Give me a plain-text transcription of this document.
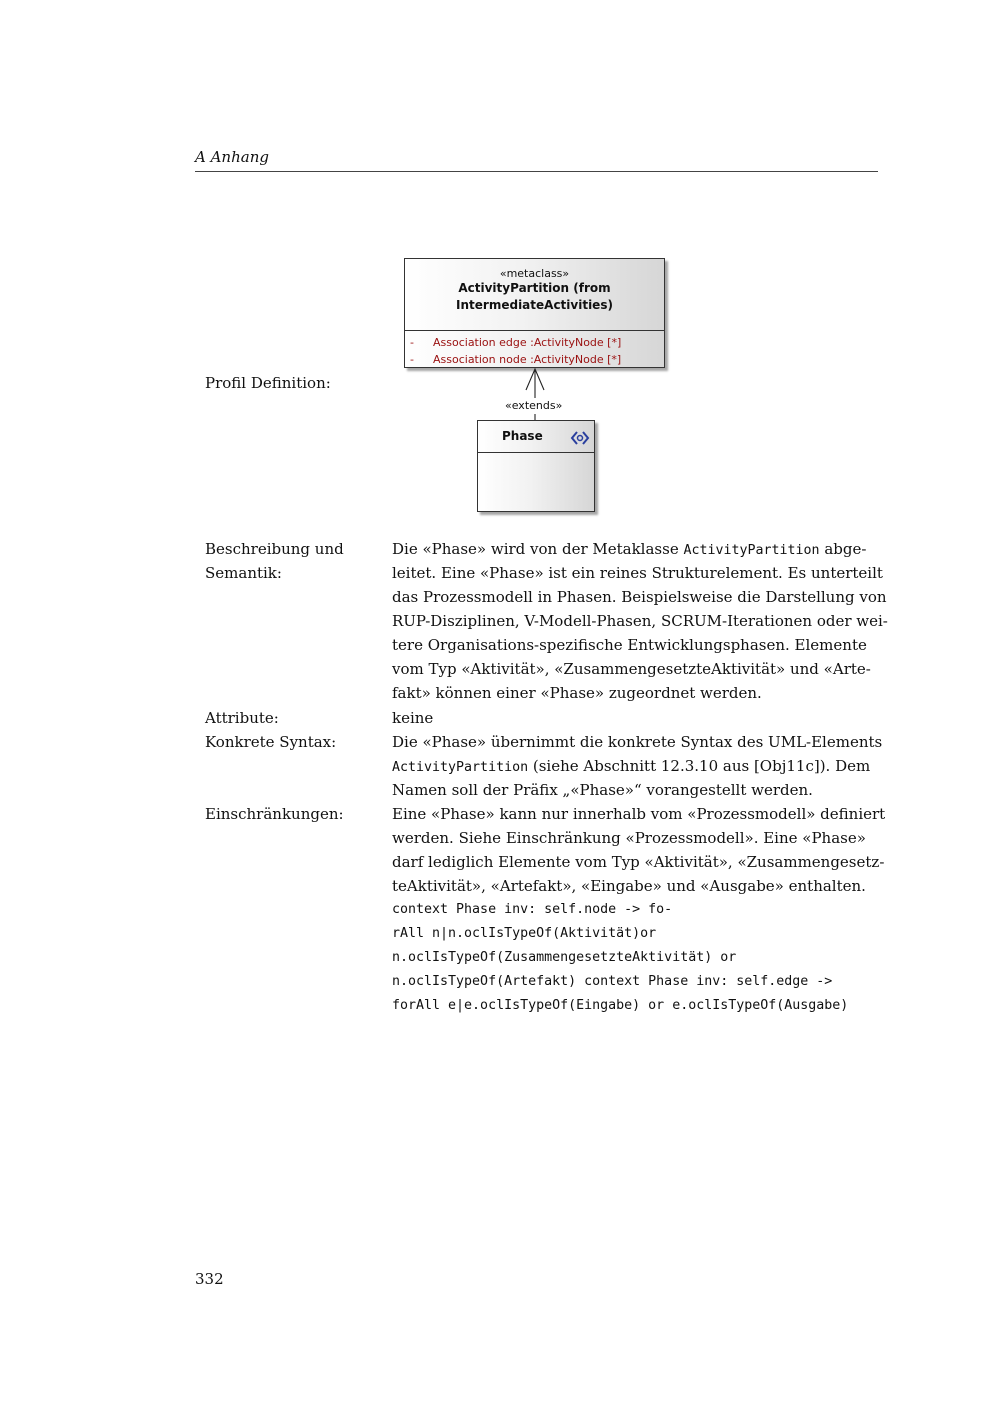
A Anhang
«metaclass»
ActivityPartition (from
IntermediateActivities)
- Association edge :ActivityNode [*]
- Association node :ActivityNode [*]
«extends»
Phase
Profil Definition:
Beschreibung und
Semantik:
Attribute:
Konkrete Syntax:
Einschränkungen:
Die «Phase» wird von der Metaklasse ActivityPartition abge-
leitet. Eine «Phase» ist ein reines Strukturelement. Es unterteilt
das Prozessmodell in Phasen. Beispielsweise die Darstellung von
RUP-Disziplinen, V-Modell-Phasen, SCRUM-Iterationen oder wei-
tere Organisations-spezifische Entwicklungsphasen. Elemente
vom Typ «Aktivität», «ZusammengesetzteAktivität» und «Arte-
fakt» können einer «Phase» zugeordnet werden.
keine
Die «Phase» übernimmt die konkrete Syntax des UML-Elements
ActivityPartition (siehe Abschnitt 12.3.10 aus [Obj11c]). Dem
Namen soll der Präfix „«Phase»“ vorangestellt werden.
Eine «Phase» kann nur innerhalb vom «Prozessmodell» definiert
werden. Siehe Einschränkung «Prozessmodell». Eine «Phase»
darf lediglich Elemente vom Typ «Aktivität», «Zusammengesetz-
teAktivität», «Artefakt», «Eingabe» und «Ausgabe» enthalten.
context Phase inv: self.node -> fo-
rAll n|n.oclIsTypeOf(Aktivität)or
n.oclIsTypeOf(ZusammengesetzteAktivität) or
n.oclIsTypeOf(Artefakt) context Phase inv: self.edge ->
forAll e|e.oclIsTypeOf(Eingabe) or e.oclIsTypeOf(Ausgabe)
332
